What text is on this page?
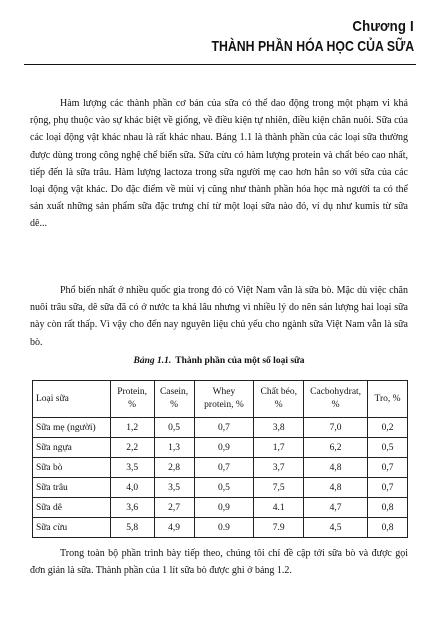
Chương I
THÀNH PHẦN HÓA HỌC CỦA SỮA

Hàm lượng các thành phần cơ bản của sữa có thể dao động trong một phạm vi khá rộng, phụ thuộc vào sự khác biệt về giống, về điều kiện tự nhiên, điều kiện chăn nuôi. Sữa của các loại động vật khác nhau là rất khác nhau. Bảng 1.1 là thành phần của các loại sữa thường được dùng trong công nghệ chế biến sữa. Sữa cừu có hàm lượng protein và chất béo cao nhất, tiếp đến là sữa trâu. Hàm lượng lactoza trong sữa người mẹ cao hơn hẳn so với sữa của các loại động vật khác. Do đặc điểm về mùi vị cũng như thành phần hóa học mà người ta có thể sản xuất những sản phẩm sữa đặc trưng chỉ từ một loại sữa nào đó, ví dụ như kumis từ sữa dê...

Phổ biến nhất ở nhiều quốc gia trong đó có Việt Nam vẫn là sữa bò. Mặc dù việc chăn nuôi trâu sữa, dê sữa đã có ở nước ta khá lâu nhưng vì nhiều lý do nên sản lượng hai loại sữa này còn rất thấp. Vì vậy cho đến nay nguyên liệu chủ yếu cho ngành sữa Việt Nam vẫn là sữa bò.

Bảng 1.1. Thành phần của một số loại sữa
Loại sữa	Protein, %	Casein, %	Whey protein, %	Chất béo, %	Cacbohydrat, %	Tro, %
Sữa mẹ (người)	1,2	0,5	0,7	3,8	7,0	0,2
Sữa ngựa	2,2	1,3	0,9	1,7	6,2	0,5
Sữa bò	3,5	2,8	0,7	3,7	4,8	0,7
Sữa trâu	4,0	3,5	0,5	7,5	4,8	0,7
Sữa dê	3,6	2,7	0,9	4.1	4,7	0,8
Sữa cừu	5,8	4,9	0.9	7.9	4,5	0,8

Trong toàn bộ phần trình bày tiếp theo, chúng tôi chỉ đề cập tới sữa bò và được gọi đơn giản là sữa. Thành phần của 1 lít sữa bò được ghi ở bảng 1.2.
